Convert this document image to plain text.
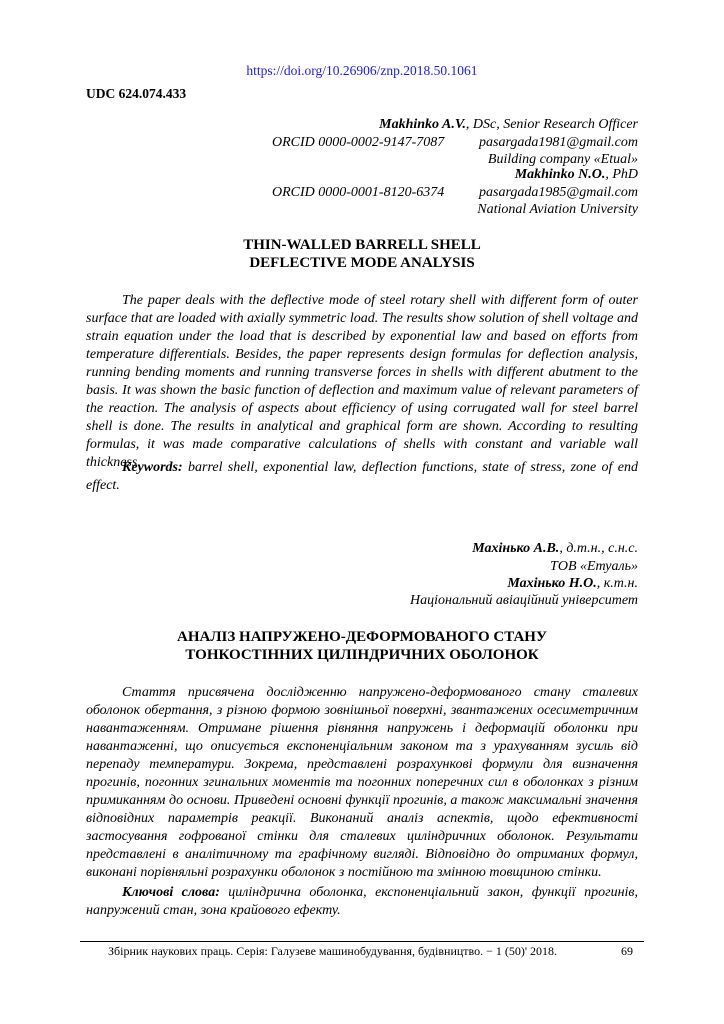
https://doi.org/10.26906/znp.2018.50.1061
UDC 624.074.433
Makhinko A.V., DSc, Senior Research Officer
ORCID 0000-0002-9147-7087 pasargada1981@gmail.com
Building company «Etual»
Makhinko N.O., PhD
ORCID 0000-0001-8120-6374 pasargada1985@gmail.com
National Aviation University
THIN-WALLED BARRELL SHELL
DEFLECTIVE MODE ANALYSIS

The paper deals with the deflective mode of steel rotary shell with different form of outer surface that are loaded with axially symmetric load. The results show solution of shell voltage and strain equation under the load that is described by exponential law and based on efforts from temperature differentials. Besides, the paper represents design formulas for deflection analysis, running bending moments and running transverse forces in shells with different abutment to the basis. It was shown the basic function of deflection and maximum value of relevant parameters of the reaction. The analysis of aspects about efficiency of using corrugated wall for steel barrel shell is done. The results in analytical and graphical form are shown. According to resulting formulas, it was made comparative calculations of shells with constant and variable wall thickness.

Keywords: barrel shell, exponential law, deflection functions, state of stress, zone of end effect.

Махінько А.В., д.т.н., с.н.с.
ТОВ «Етуаль»
Махінько Н.О., к.т.н.
Національний авіаційний університет
АНАЛІЗ НАПРУЖЕНО-ДЕФОРМОВАНОГО СТАНУ
ТОНКОСТІННИХ ЦИЛІНДРИЧНИХ ОБОЛОНОК

Стаття присвячена дослідженню напружено-деформованого стану сталевих оболонок обертання, з різною формою зовнішньої поверхні, звантажених осесиметричним навантаженням. Отримане рішення рівняння напружень і деформацій оболонки при навантаженні, що описується експоненціальним законом та з урахуванням зусиль від перепаду температури. Зокрема, представлені розрахункові формули для визначення прогинів, погонних згинальних моментів та погонних поперечних сил в оболонках з різним примиканням до основи. Приведені основні функції прогинів, а також максимальні значення відповідних параметрів реакції. Виконаний аналіз аспектів, щодо ефективності застосування гофрованої стінки для сталевих циліндричних оболонок. Результати представлені в аналітичному та графічному вигляді. Відповідно до отриманих формул, виконані порівняльні розрахунки оболонок з постійною та змінною товщиною стінки.

Ключові слова: циліндрична оболонка, експоненціальний закон, функції прогинів, напружений стан, зона крайового ефекту.

Збірник наукових праць. Серія: Галузеве машинобудування, будівництво. − 1 (50)' 2018.	69
